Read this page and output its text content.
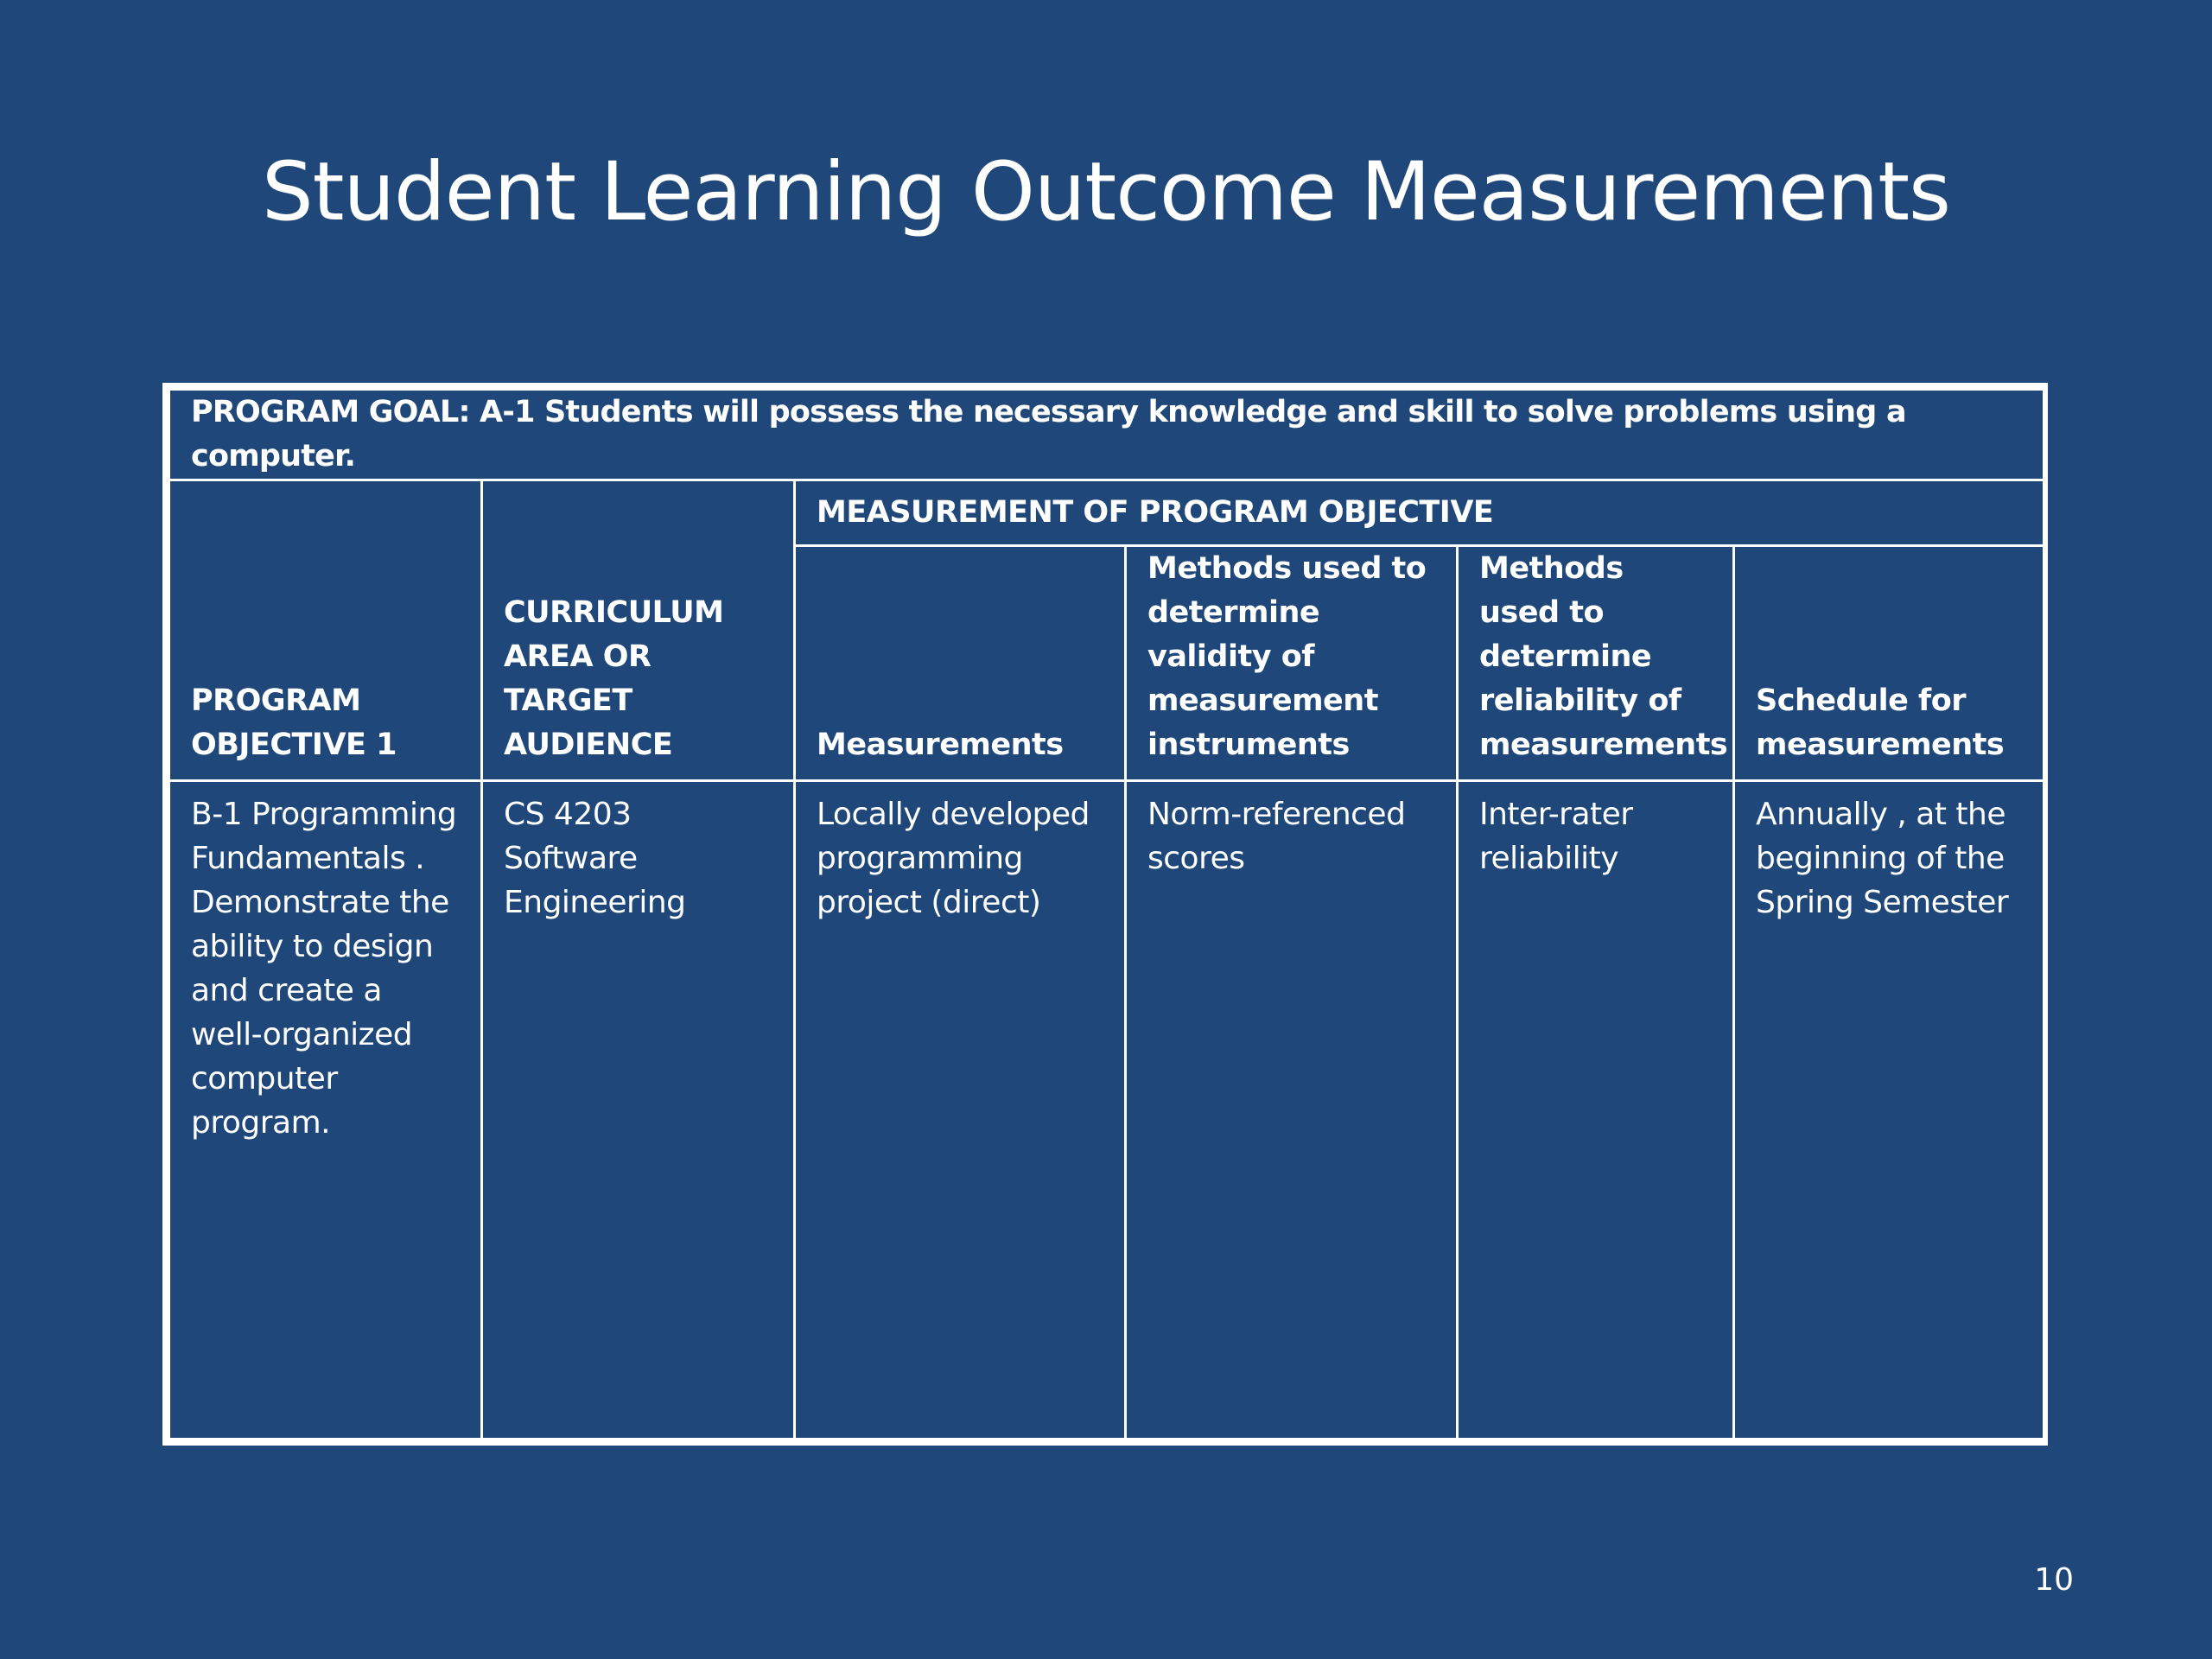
Student Learning Outcome Measurements
PROGRAM GOAL: A-1 Students will possess the necessary knowledge and skill to solve problems using a computer.					
PROGRAM OBJECTIVE 1	CURRICULUM AREA OR TARGET AUDIENCE	MEASUREMENT OF PROGRAM OBJECTIVE			
		Measurements	Methods used to determine validity of measurement instruments	Methods used to determine reliability of measurements	Schedule for measurements
B-1 Programming Fundamentals . Demonstrate the ability to design and create a well-organized computer program.	CS 4203 Software Engineering	Locally developed programming project (direct)	Norm-referenced scores	Inter-rater reliability	Annually , at the beginning of the Spring Semester
10
